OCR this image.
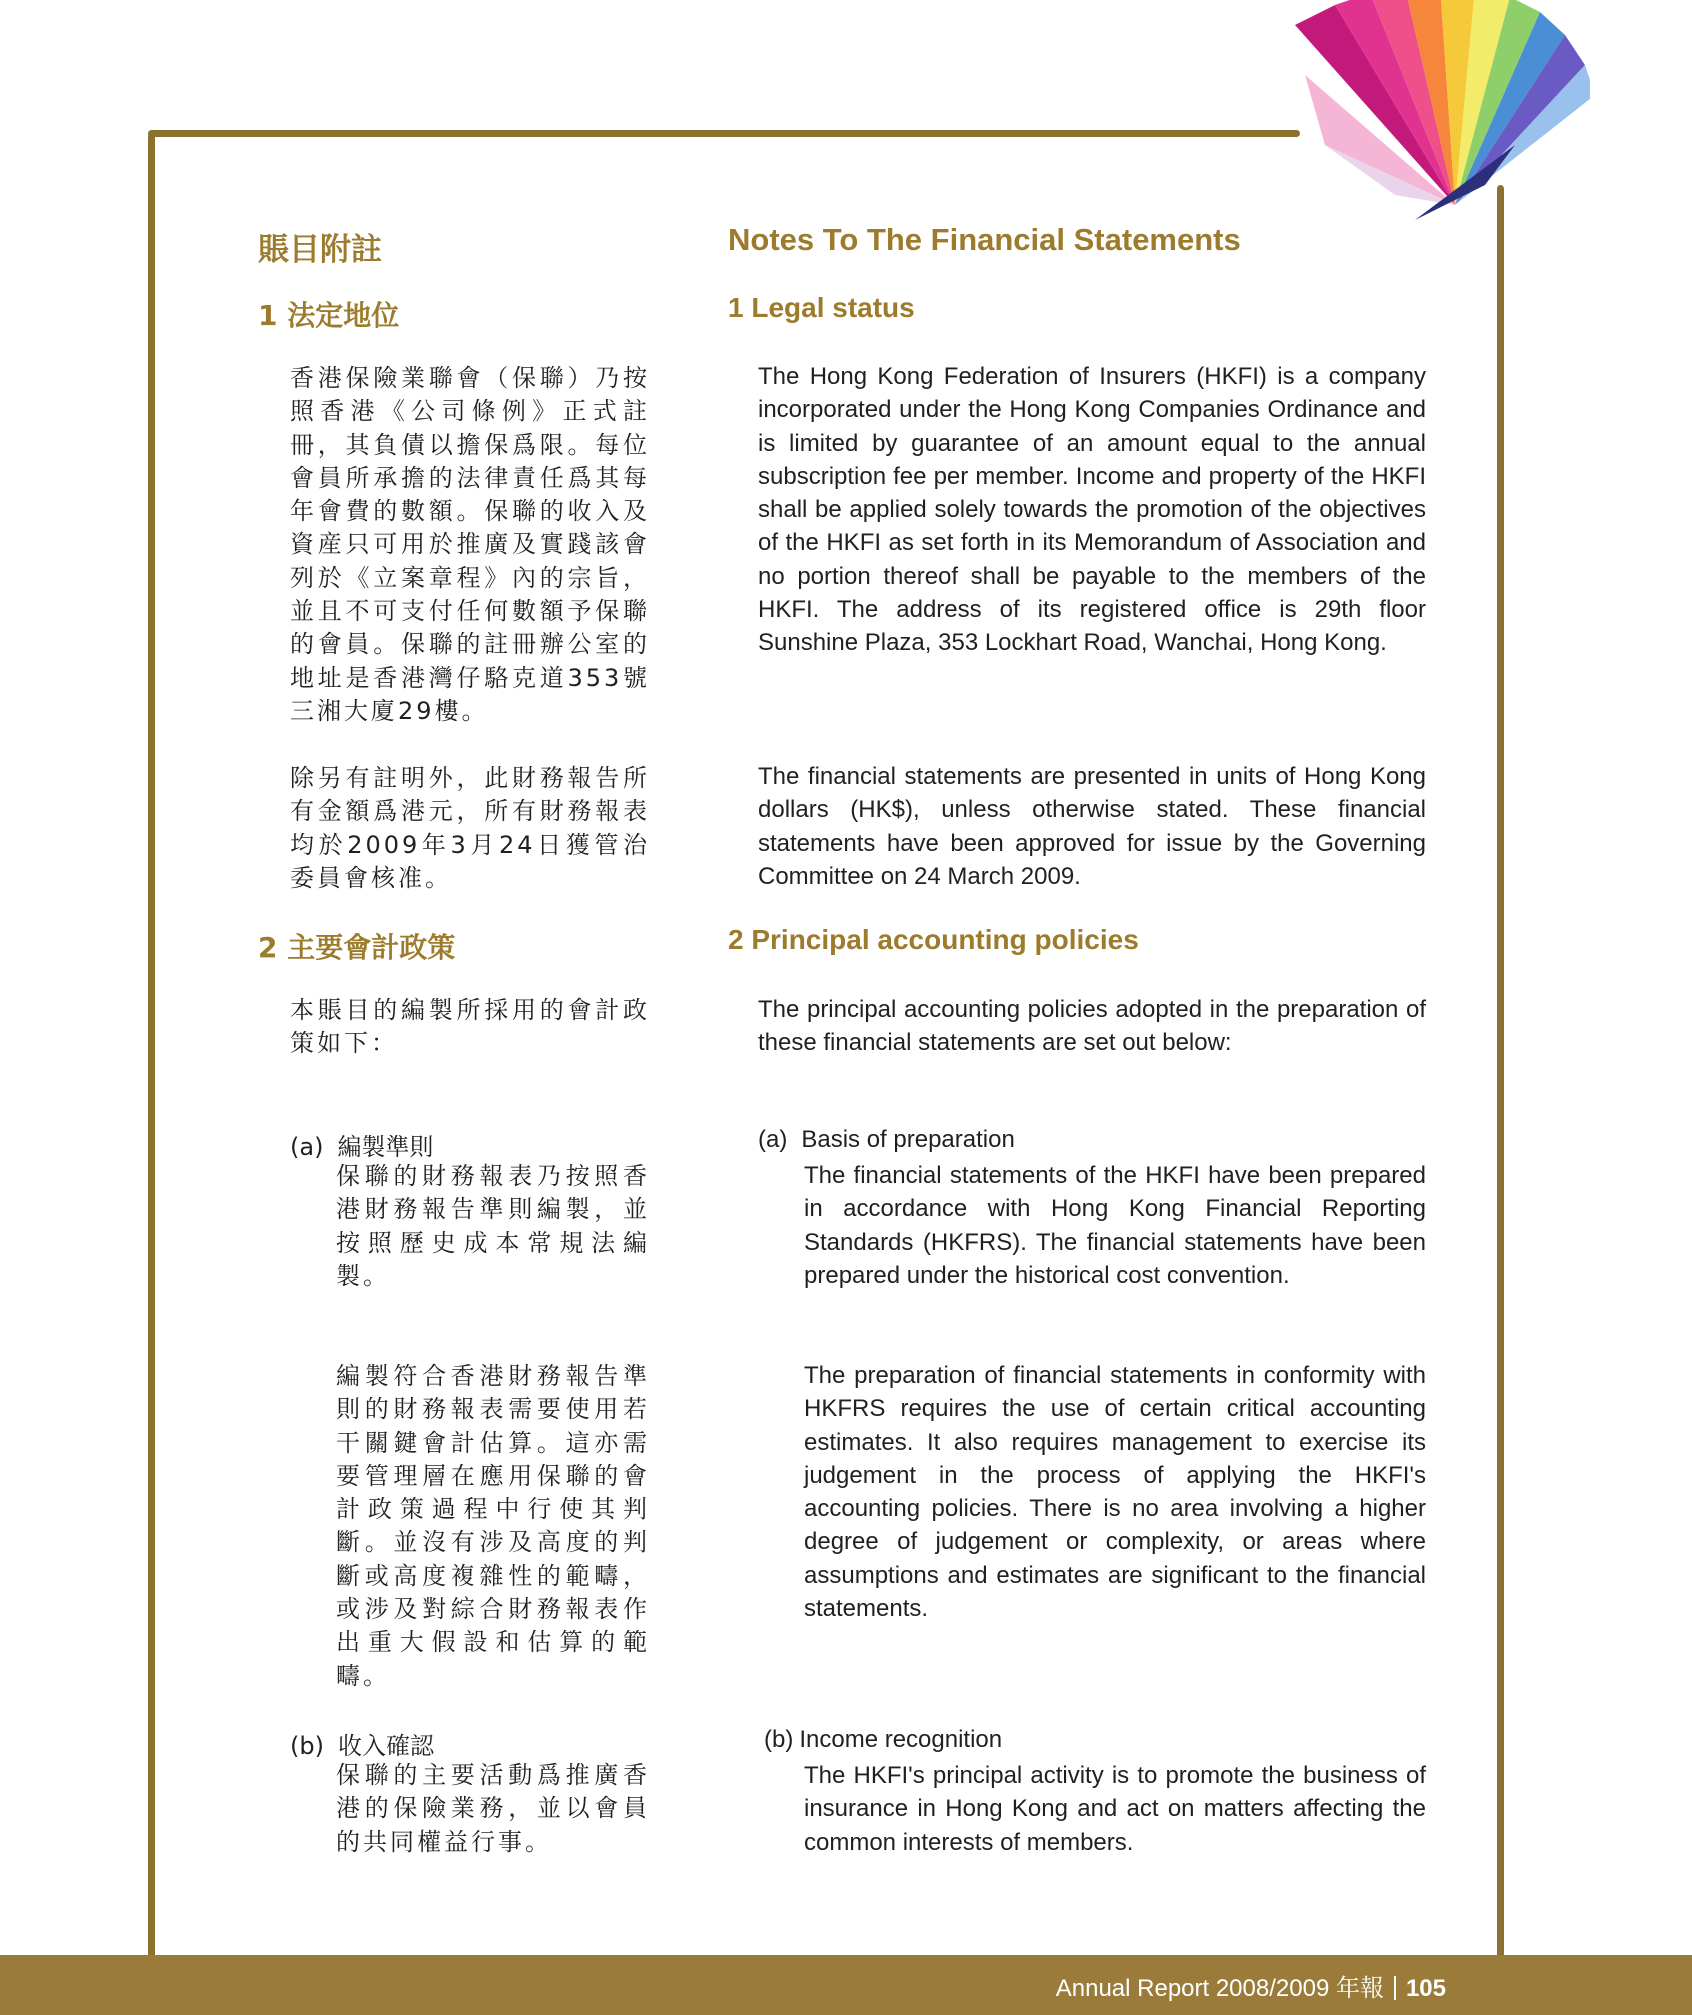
賬目附註
1 法定地位
香港保險業聯會（保聯）乃按照香港《公司條例》正式註冊，其負債以擔保爲限。每位會員所承擔的法律責任爲其每年會費的數額。保聯的收入及資産只可用於推廣及實踐該會列於《立案章程》內的宗旨，並且不可支付任何數額予保聯的會員。保聯的註冊辦公室的地址是香港灣仔駱克道353號三湘大廈29樓。
除另有註明外，此財務報告所有金額爲港元，所有財務報表均於2009年3月24日獲管治委員會核准。
2 主要會計政策
本賬目的編製所採用的會計政策如下：
(a) 編製準則
保聯的財務報表乃按照香港財務報告準則編製，並按照歷史成本常規法編製。
編製符合香港財務報告準則的財務報表需要使用若干關鍵會計估算。這亦需要管理層在應用保聯的會計政策過程中行使其判斷。並沒有涉及高度的判斷或高度複雜性的範疇，或涉及對綜合財務報表作出重大假設和估算的範疇。
(b) 收入確認
保聯的主要活動爲推廣香港的保險業務，並以會員的共同權益行事。
Notes To The Financial Statements
1 Legal status
The Hong Kong Federation of Insurers (HKFI) is a company incorporated under the Hong Kong Companies Ordinance and is limited by guarantee of an amount equal to the annual subscription fee per member. Income and property of the HKFI shall be applied solely towards the promotion of the objectives of the HKFI as set forth in its Memorandum of Association and no portion thereof shall be payable to the members of the HKFI. The address of its registered office is 29th floor Sunshine Plaza, 353 Lockhart Road, Wanchai, Hong Kong.
The financial statements are presented in units of Hong Kong dollars (HK$), unless otherwise stated. These financial statements have been approved for issue by the Governing Committee on 24 March 2009.
2 Principal accounting policies
The principal accounting policies adopted in the preparation of these financial statements are set out below:
(a) Basis of preparation
The financial statements of the HKFI have been prepared in accordance with Hong Kong Financial Reporting Standards (HKFRS). The financial statements have been prepared under the historical cost convention.
The preparation of financial statements in conformity with HKFRS requires the use of certain critical accounting estimates. It also requires management to exercise its judgement in the process of applying the HKFI's accounting policies. There is no area involving a higher degree of judgement or complexity, or areas where assumptions and estimates are significant to the financial statements.
(b) Income recognition
The HKFI's principal activity is to promote the business of insurance in Hong Kong and act on matters affecting the common interests of members.
Annual Report 2008/2009 年報 105
